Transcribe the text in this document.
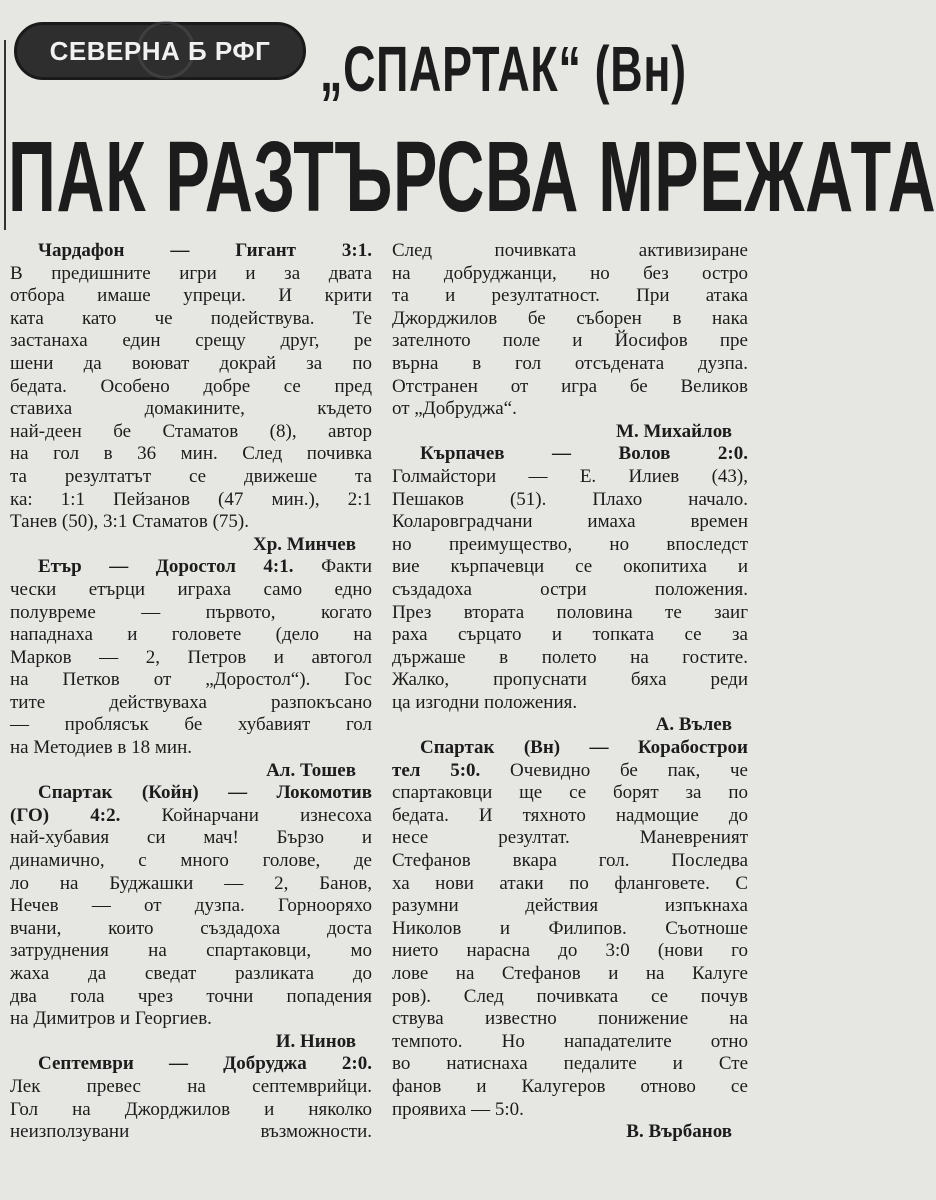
СЕВЕРНА Б РФГ „СПАРТАК“ (Вн)
ПАК РАЗТЪРСВА МРЕЖАТА
Чардафон — Гигант 3:1.
В предишните игри и за двата
отбора имаше упреци. И крити
ката като че подействува. Те
застанаха един срещу друг, ре
шени да воюват докрай за по
бедата. Особено добре се пред
ставиха домакините, където
най-деен бе Стаматов (8), автор
на гол в 36 мин. След почивка
та резултатът се движеше та
ка: 1:1 Пейзанов (47 мин.), 2:1
Танев (50), 3:1 Стаматов (75).
Хр. Минчев
Етър — Доростол 4:1. Факти
чески етърци играха само едно
полувреме — първото, когато
нападнаха и головете (дело на
Марков — 2, Петров и автогол
на Петков от „Доростол“). Гос
тите действуваха разпокъсано
— проблясък бе хубавият гол
на Методиев в 18 мин.
Ал. Тошев
Спартак (Койн) — Локомотив
(ГО) 4:2. Койнарчани изнесоха
най-хубавия си мач! Бързо и
динамично, с много голове, де
ло на Буджашки — 2, Банов,
Нечев — от дузпа. Горнооряхо
вчани, които създадоха доста
затруднения на спартаковци, мо
жаха да сведат разликата до
два гола чрез точни попадения
на Димитров и Георгиев.
И. Нинов
Септември — Добруджа 2:0.
Лек превес на септемврийци.
Гол на Джорджилов и няколко
неизползувани възможности.
След почивката активизиране
на добруджанци, но без остро
та и резултатност. При атака
Джорджилов бе съборен в нака
зателното поле и Йосифов пре
върна в гол отсъдената дузпа.
Отстранен от игра бе Великов
от „Добруджа“.
М. Михайлов
Кърпачев — Волов 2:0.
Голмайстори — Е. Илиев (43),
Пешаков (51). Плахо начало.
Коларовградчани имаха времен
но преимущество, но впоследст
вие кърпачевци се окопитиха и
създадоха остри положения.
През втората половина те заиг
раха сърцато и топката се за
държаше в полето на гостите.
Жалко, пропуснати бяха реди
ца изгодни положения.
А. Вълев
Спартак (Вн) — Корабострои
тел 5:0. Очевидно бе пак, че
спартаковци ще се борят за по
бедата. И тяхното надмощие до
несе резултат. Маневреният
Стефанов вкара гол. Последва
ха нови атаки по фланговете. С
разумни действия изпъкнаха
Николов и Филипов. Съотноше
нието нарасна до 3:0 (нови го
лове на Стефанов и на Калуге
ров). След почивката се почув
ствува известно понижение на
темпото. Но нападателите отно
во натиснаха педалите и Сте
фанов и Калугеров отново се
проявиха — 5:0.
В. Върбанов
